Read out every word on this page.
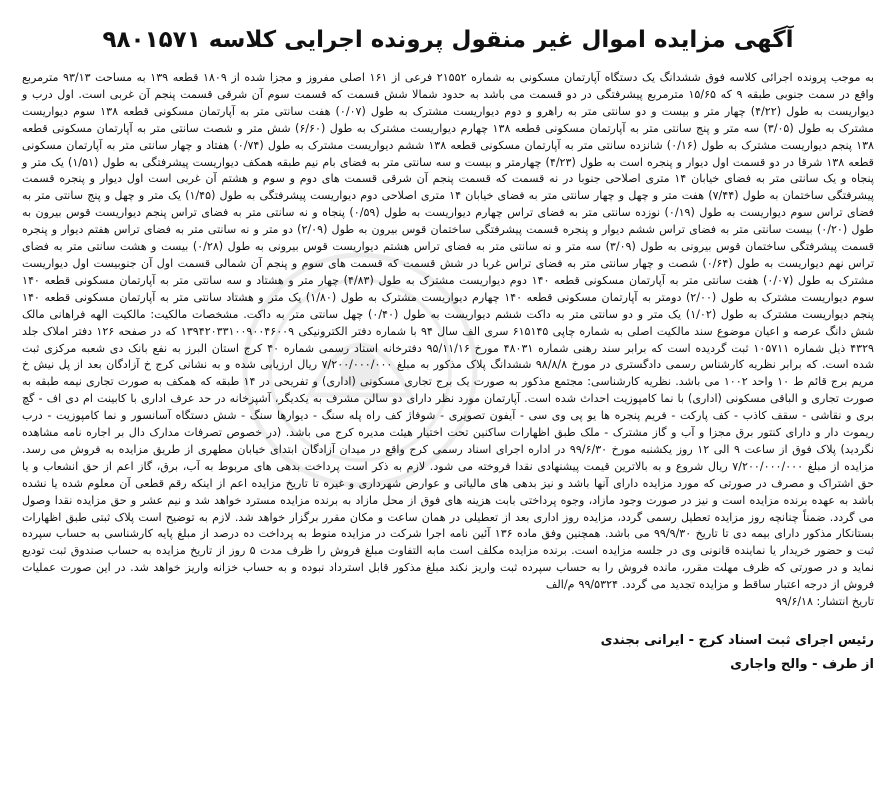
آگهی مزایده اموال غیر منقول پرونده اجرایی کلاسه ۹۸۰۱۵۷۱

به موجب پرونده اجرائی کلاسه فوق ششدانگ یک دستگاه آپارتمان مسکونی به شماره ۲۱۵۵۲ فرعی از ۱۶۱ اصلی مفروز و مجزا شده از ۱۸۰۹ قطعه ۱۳۹ به مساحت ۹۳/۱۳ مترمربع واقع در سمت جنوبی طبقه ۹ که ۱۵/۶۵ مترمربع پیشرفتگی در دو قسمت می باشد به حدود شمالا شش قسمت که قسمت سوم آن شرقی قسمت پنجم آن غربی است. اول درب و دیواریست به طول (۴/۲۲) چهار متر و بیست و دو سانتی متر به راهرو و دوم دیواریست مشترک به طول (۰/۰۷) هفت سانتی متر به آپارتمان مسکونی قطعه ۱۳۸ سوم دیواریست مشترک به طول (۳/۰۵) سه متر و پنج سانتی متر به آپارتمان مسکونی قطعه ۱۳۸ چهارم دیواریست مشترک به طول (۶/۶۰) شش متر و شصت سانتی متر به آپارتمان مسکونی قطعه ۱۳۸ پنجم دیواریست مشترک به طول (۰/۱۶) شانزده سانتی متر به آپارتمان مسکونی قطعه ۱۳۸ ششم دیواریست مشترک به طول (۰/۷۴) هفتاد و چهار سانتی متر به آپارتمان مسکونی قطعه ۱۳۸ شرقا در دو قسمت اول دیوار و پنجره است به طول (۴/۲۳) چهارمتر و بیست و سه سانتی متر به فضای بام نیم طبقه همکف دیواریست پیشرفتگی به طول (۱/۵۱) یک متر و پنجاه و یک سانتی متر به فضای خیابان ۱۴ متری اصلاحی جنوبا در نه قسمت که قسمت پنجم آن شرقی قسمت های دوم و سوم و هشتم آن غربی است اول دیوار و پنجره قسمت پیشرفتگی ساختمان به طول (۷/۴۴) هفت متر و چهل و چهار سانتی متر به فضای خیابان ۱۴ متری اصلاحی دوم دیواریست پیشرفتگی به طول (۱/۴۵) یک متر و چهل و پنج سانتی متر به فضای تراس سوم دیواریست به طول (۰/۱۹) نوزده سانتی متر به فضای تراس چهارم دیواریست به طول (۰/۵۹) پنجاه و نه سانتی متر به فضای تراس پنجم دیواریست قوس بیرون به طول (۰/۲۰) بیست سانتی متر به فضای تراس ششم دیوار و پنجره قسمت پیشرفتگی ساختمان قوس بیرون به طول (۲/۰۹) دو متر و نه سانتی متر به فضای تراس هفتم دیوار و پنجره قسمت پیشرفتگی ساختمان قوس بیرونی به طول (۳/۰۹) سه متر و نه سانتی متر به فضای تراس هشتم دیواریست قوس بیرونی به طول (۰/۲۸) بیست و هشت سانتی متر به فضای تراس نهم دیواریست به طول (۰/۶۴) شصت و چهار سانتی متر به فضای تراس غربا در شش قسمت که قسمت های سوم و پنجم آن شمالی قسمت اول آن جنوبیست اول دیواریست مشترک به طول (۰/۰۷) هفت سانتی متر به آپارتمان مسکونی قطعه ۱۴۰ دوم دیواریست مشترک به طول (۴/۸۳) چهار متر و هشتاد و سه سانتی متر به آپارتمان مسکونی قطعه ۱۴۰ سوم دیواریست مشترک به طول (۲/۰۰) دومتر به آپارتمان مسکونی قطعه ۱۴۰ چهارم دیواریست مشترک به طول (۱/۸۰) یک متر و هشتاد سانتی متر به آپارتمان مسکونی قطعه ۱۴۰ پنجم دیواریست مشترک به طول (۱/۰۲) یک متر و دو سانتی متر به داکت ششم دیواریست به طول (۰/۴۰) چهل سانتی متر به داکت. مشخصات مالکیت: مالکیت الهه فراهانی مالک شش دانگ عرصه و اعیان موضوع سند مالکیت اصلی به شماره چاپی ۶۱۵۱۴۵ سری الف سال ۹۴ با شماره دفتر الکترونیکی ۱۳۹۴۲۰۳۳۱۰۰۹۰۰۴۶۰۰۹ که در صفحه ۱۲۶ دفتر املاک جلد ۴۳۲۹ ذیل شماره ۱۰۵۷۱۱ ثبت گردیده است که برابر سند رهنی شماره ۴۸۰۳۱ مورخ ۹۵/۱۱/۱۶ دفترخانه اسناد رسمی شماره ۴۰ کرج استان البرز به نفع بانک دی شعبه مرکزی ثبت شده است. که برابر نظریه کارشناس رسمی دادگستری در مورخ ۹۸/۸/۸ ششدانگ پلاک مذکور به مبلغ ۷/۲۰۰/۰۰۰/۰۰۰ ریال ارزیابی شده و به نشانی کرج خ آزادگان بعد از پل نیش خ مریم برج قائم ط ۱۰ واحد ۱۰۰۲ می باشد. نظریه کارشناسی: مجتمع مذکور به صورت یک برج تجاری مسکونی (اداری) و تفریحی در ۱۴ طبقه که همکف به صورت تجاری نیمه طبقه به صورت تجاری و الباقی مسکونی (اداری) با نما کامپوزیت احداث شده است. آپارتمان مورد نظر دارای دو سالن مشرف به یکدیگر، آشپزخانه در حد عرف اداری با کابینت ام دی اف - گچ بری و نقاشی - سقف کاذب - کف پارکت - فریم پنجره ها یو پی وی سی - آیفون تصویری - شوفاژ کف راه پله سنگ - دیوارها سنگ - شش دستگاه آسانسور و نما کامپوزیت - درب ریموت دار و دارای کنتور برق مجزا و آب و گاز مشترک - ملک طبق اظهارات ساکنین تحت اختیار هیئت مدیره کرج می باشد. (در خصوص تصرفات مدارک دال بر اجاره نامه مشاهده نگردید) پلاک فوق از ساعت ۹ الی ۱۲ روز یکشنبه مورخ ۹۹/۶/۳۰ در اداره اجرای اسناد رسمی کرج واقع در میدان آزادگان ابتدای خیابان مطهری از طریق مزایده به فروش می رسد. مزایده از مبلغ ۷/۲۰۰/۰۰۰/۰۰۰ ریال شروع و به بالاترین قیمت پیشنهادی نقدا فروخته می شود. لازم به ذکر است پرداخت بدهی های مربوط به آب، برق، گاز اعم از حق انشعاب و یا حق اشتراک و مصرف در صورتی که مورد مزایده دارای آنها باشد و نیز بدهی های مالیاتی و عوارض شهرداری و غیره تا تاریخ مزایده اعم از اینکه رقم قطعی آن معلوم شده یا نشده باشد به عهده برنده مزایده است و نیز در صورت وجود مازاد، وجوه پرداختی بابت هزینه های فوق از محل مازاد به برنده مزایده مسترد خواهد شد و نیم عشر و حق مزایده نقدا وصول می گردد. ضمناً چنانچه روز مزایده تعطیل رسمی گردد، مزایده روز اداری بعد از تعطیلی در همان ساعت و مکان مقرر برگزار خواهد شد. لازم به توضیح است پلاک ثبتی طبق اظهارات بستانکار مذکور دارای بیمه دی تا تاریخ ۹۹/۹/۳۰ می باشد. همچنین وفق ماده ۱۳۶ آئین نامه اجرا شرکت در مزایده منوط به پرداخت ده درصد از مبلغ پایه کارشناسی به حساب سپرده ثبت و حضور خریدار یا نماینده قانونی وی در جلسه مزایده است. برنده مزایده مکلف است مابه التفاوت مبلغ فروش را ظرف مدت ۵ روز از تاریخ مزایده به حساب صندوق ثبت تودیع نماید و در صورتی که ظرف مهلت مقرر، مانده فروش را به حساب سپرده ثبت واریز نکند مبلغ مذکور قابل استرداد نبوده و به حساب خزانه واریز خواهد شد. در این صورت عملیات فروش از درجه اعتبار ساقط و مزایده تجدید می گردد. ۹۹/۵۳۲۴ م/الف

تاریخ انتشار: ۹۹/۶/۱۸

رئیس اجرای ثبت اسناد کرج - ایرانی بجندی

از طرف - والح واجاری
